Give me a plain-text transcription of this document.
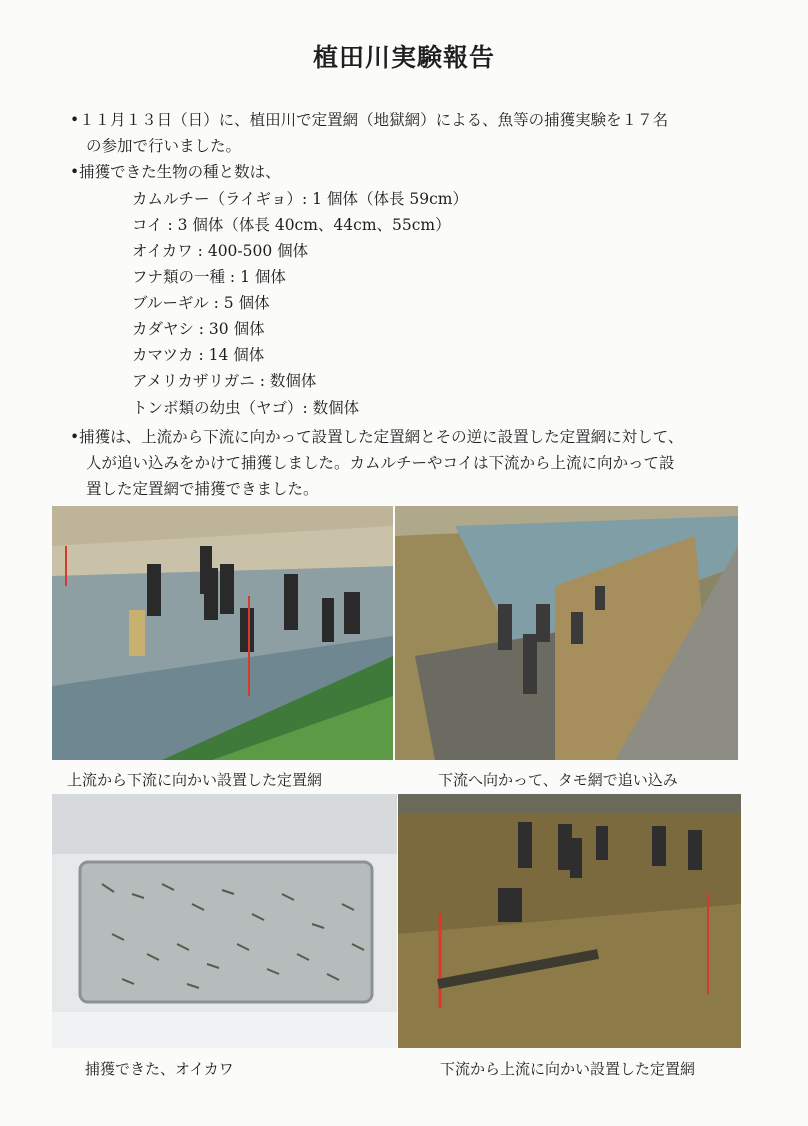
植田川実験報告
•１１月１３日（日）に、植田川で定置網（地獄網）による、魚等の捕獲実験を１７名
の参加で行いました。
•捕獲できた生物の種と数は、
カムルチー（ライギョ）: 1 個体（体長 59cm）
コイ : 3 個体（体長 40cm、44cm、55cm）
オイカワ : 400-500 個体
フナ類の一種 : 1 個体
ブルーギル : 5 個体
カダヤシ : 30 個体
カマツカ : 14 個体
アメリカザリガニ : 数個体
トンボ類の幼虫（ヤゴ）: 数個体
•捕獲は、上流から下流に向かって設置した定置網とその逆に設置した定置網に対して、
人が追い込みをかけて捕獲しました。カムルチーやコイは下流から上流に向かって設
置した定置網で捕獲できました。
上流から下流に向かい設置した定置網	下流へ向かって、タモ網で追い込み
捕獲できた、オイカワ	下流から上流に向かい設置した定置網
